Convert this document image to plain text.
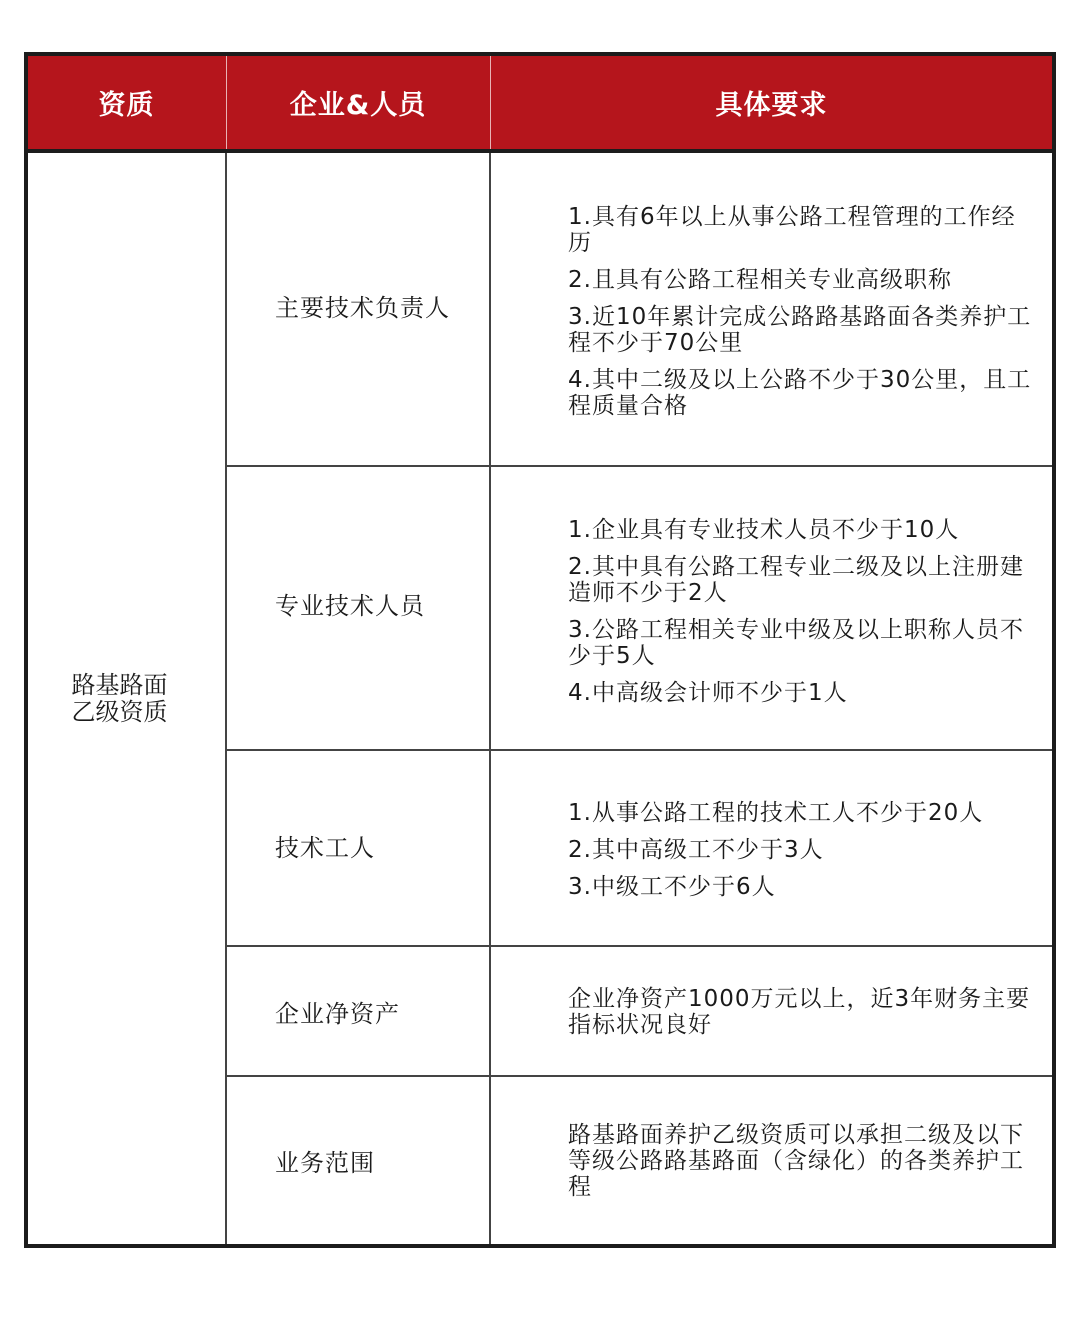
资质	企业&人员	具体要求
路基路面
乙级资质
主要技术负责人
1.具有6年以上从事公路工程管理的工作经历
2.且具有公路工程相关专业高级职称
3.近10年累计完成公路路基路面各类养护工程不少于70公里
4.其中二级及以上公路不少于30公里，且工程质量合格
专业技术人员
1.企业具有专业技术人员不少于10人
2.其中具有公路工程专业二级及以上注册建造师不少于2人
3.公路工程相关专业中级及以上职称人员不少于5人
4.中高级会计师不少于1人
技术工人
1.从事公路工程的技术工人不少于20人
2.其中高级工不少于3人
3.中级工不少于6人
企业净资产
企业净资产1000万元以上，近3年财务主要指标状况良好
业务范围
路基路面养护乙级资质可以承担二级及以下等级公路路基路面（含绿化）的各类养护工程
